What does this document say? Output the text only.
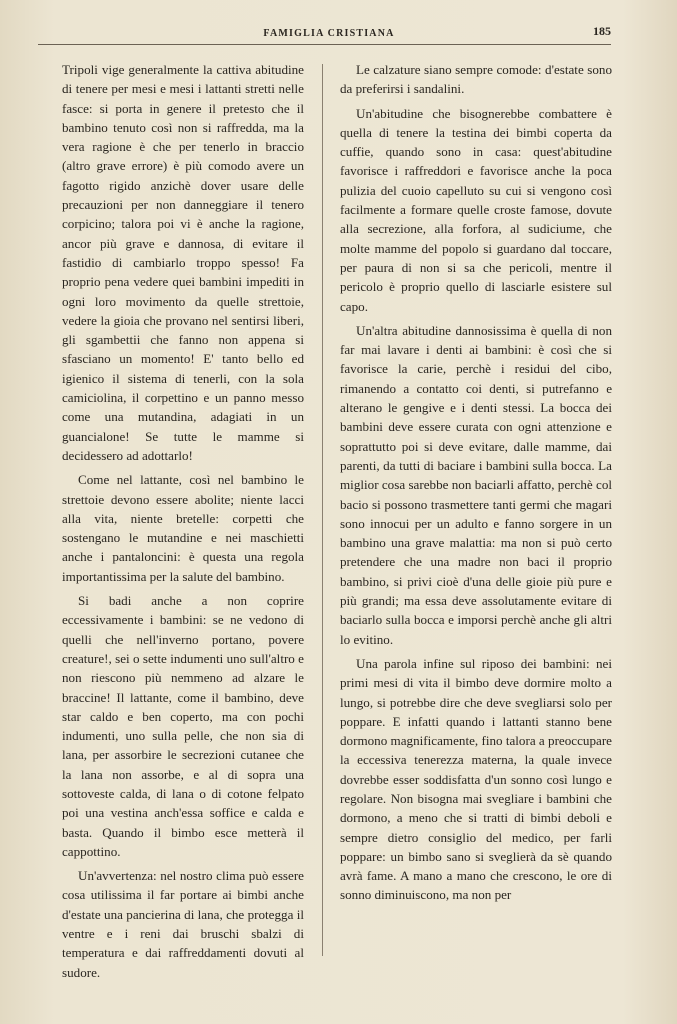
FAMIGLIA CRISTIANA	185

Tripoli vige generalmente la cattiva abitudine di tenere per mesi e mesi i lattanti stretti nelle fasce: si porta in genere il pretesto che il bambino tenuto così non si raffredda, ma la vera ragione è che per tenerlo in braccio (altro grave errore) è più comodo avere un fagotto rigido anzichè dover usare delle precauzioni per non danneggiare il tenero corpicino; talora poi vi è anche la ragione, ancor più grave e dannosa, di evitare il fastidio di cambiarlo troppo spesso! Fa proprio pena vedere quei bambini impediti in ogni loro movimento da quelle strettoie, vedere la gioia che provano nel sentirsi liberi, gli sgambettii che fanno non appena si sfasciano un momento! E' tanto bello ed igienico il sistema di tenerli, con la sola camiciolina, il corpettino e un panno messo come una mutandina, adagiati in un guancialone! Se tutte le mamme si decidessero ad adottarlo!

Come nel lattante, così nel bambino le strettoie devono essere abolite; niente lacci alla vita, niente bretelle: corpetti che sostengano le mutandine e nei maschietti anche i pantaloncini: è questa una regola importantissima per la salute del bambino.

Si badi anche a non coprire eccessivamente i bambini: se ne vedono di quelli che nell'inverno portano, povere creature!, sei o sette indumenti uno sull'altro e non riescono più nemmeno ad alzare le braccine! Il lattante, come il bambino, deve star caldo e ben coperto, ma con pochi indumenti, uno sulla pelle, che non sia di lana, per assorbire le secrezioni cutanee che la lana non assorbe, e al di sopra una sottoveste calda, di lana o di cotone felpato poi una vestina anch'essa soffice e calda e basta. Quando il bimbo esce metterà il cappottino.

Un'avvertenza: nel nostro clima può essere cosa utilissima il far portare ai bimbi anche d'estate una pancierina di lana, che protegga il ventre e i reni dai bruschi sbalzi di temperatura e dai raffreddamenti dovuti al sudore.

Le calzature siano sempre comode: d'estate sono da preferirsi i sandalini.

Un'abitudine che bisognerebbe combattere è quella di tenere la testina dei bimbi coperta da cuffie, quando sono in casa: quest'abitudine favorisce i raffreddori e favorisce anche la poca pulizia del cuoio capelluto su cui si vengono così facilmente a formare quelle croste famose, dovute alla secrezione, alla forfora, al sudiciume, che molte mamme del popolo si guardano dal toccare, per paura di non si sa che pericoli, mentre il pericolo è proprio quello di lasciarle esistere sul capo.

Un'altra abitudine dannosissima è quella di non far mai lavare i denti ai bambini: è così che si favorisce la carie, perchè i residui del cibo, rimanendo a contatto coi denti, si putrefanno e alterano le gengive e i denti stessi. La bocca dei bambini deve essere curata con ogni attenzione e soprattutto poi si deve evitare, dalle mamme, dai parenti, da tutti di baciare i bambini sulla bocca. La miglior cosa sarebbe non baciarli affatto, perchè col bacio si possono trasmettere tanti germi che magari sono innocui per un adulto e fanno sorgere in un bambino una grave malattia: ma non si può certo pretendere che una madre non baci il proprio bambino, si privi cioè d'una delle gioie più pure e più grandi; ma essa deve assolutamente evitare di baciarlo sulla bocca e imporsi perchè anche gli altri lo evitino.

Una parola infine sul riposo dei bambini: nei primi mesi di vita il bimbo deve dormire molto a lungo, si potrebbe dire che deve svegliarsi solo per poppare. E infatti quando i lattanti stanno bene dormono magnificamente, fino talora a preoccupare la eccessiva tenerezza materna, la quale invece dovrebbe esser soddisfatta d'un sonno così lungo e regolare. Non bisogna mai svegliare i bambini che dormono, a meno che si tratti di bimbi deboli e sempre dietro consiglio del medico, per farli poppare: un bimbo sano si sveglierà da sè quando avrà fame. A mano a mano che crescono, le ore di sonno diminuiscono, ma non per
